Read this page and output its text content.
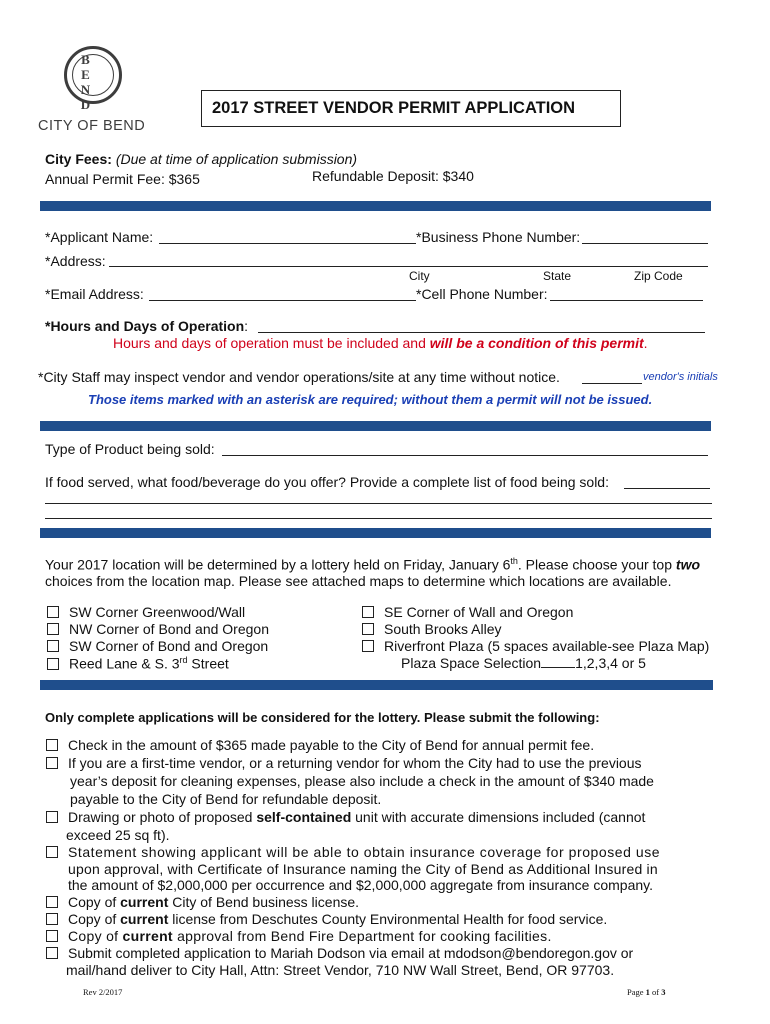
BEND
CITY OF BEND
2017 STREET VENDOR PERMIT APPLICATION
City Fees: (Due at time of application submission)
Annual Permit Fee: $365	Refundable Deposit: $340
*Applicant Name:	*Business Phone Number:
*Address:
City	State	Zip Code
*Email Address:	*Cell Phone Number:
*Hours and Days of Operation:
Hours and days of operation must be included and will be a condition of this permit.
*City Staff may inspect vendor and vendor operations/site at any time without notice.	vendor's initials
Those items marked with an asterisk are required; without them a permit will not be issued.
Type of Product being sold:
If food served, what food/beverage do you offer? Provide a complete list of food being sold:
Your 2017 location will be determined by a lottery held on Friday, January 6th. Please choose your top two
choices from the location map. Please see attached maps to determine which locations are available.
SW Corner Greenwood/Wall
NW Corner of Bond and Oregon
SW Corner of Bond and Oregon
Reed Lane & S. 3rd Street
SE Corner of Wall and Oregon
South Brooks Alley
Riverfront Plaza (5 spaces available-see Plaza Map)
Plaza Space Selection 1,2,3,4 or 5
Only complete applications will be considered for the lottery. Please submit the following:
Check in the amount of $365 made payable to the City of Bend for annual permit fee.
If you are a first-time vendor, or a returning vendor for whom the City had to use the previous
year’s deposit for cleaning expenses, please also include a check in the amount of $340 made
payable to the City of Bend for refundable deposit.
Drawing or photo of proposed self-contained unit with accurate dimensions included (cannot
exceed 25 sq ft).
Statement showing applicant will be able to obtain insurance coverage for proposed use
upon approval, with Certificate of Insurance naming the City of Bend as Additional Insured in
the amount of $2,000,000 per occurrence and $2,000,000 aggregate from insurance company.
Copy of current City of Bend business license.
Copy of current license from Deschutes County Environmental Health for food service.
Copy of current approval from Bend Fire Department for cooking facilities.
Submit completed application to Mariah Dodson via email at mdodson@bendoregon.gov or
mail/hand deliver to City Hall, Attn: Street Vendor, 710 NW Wall Street, Bend, OR 97703.
Rev 2/2017	Page 1 of 3
